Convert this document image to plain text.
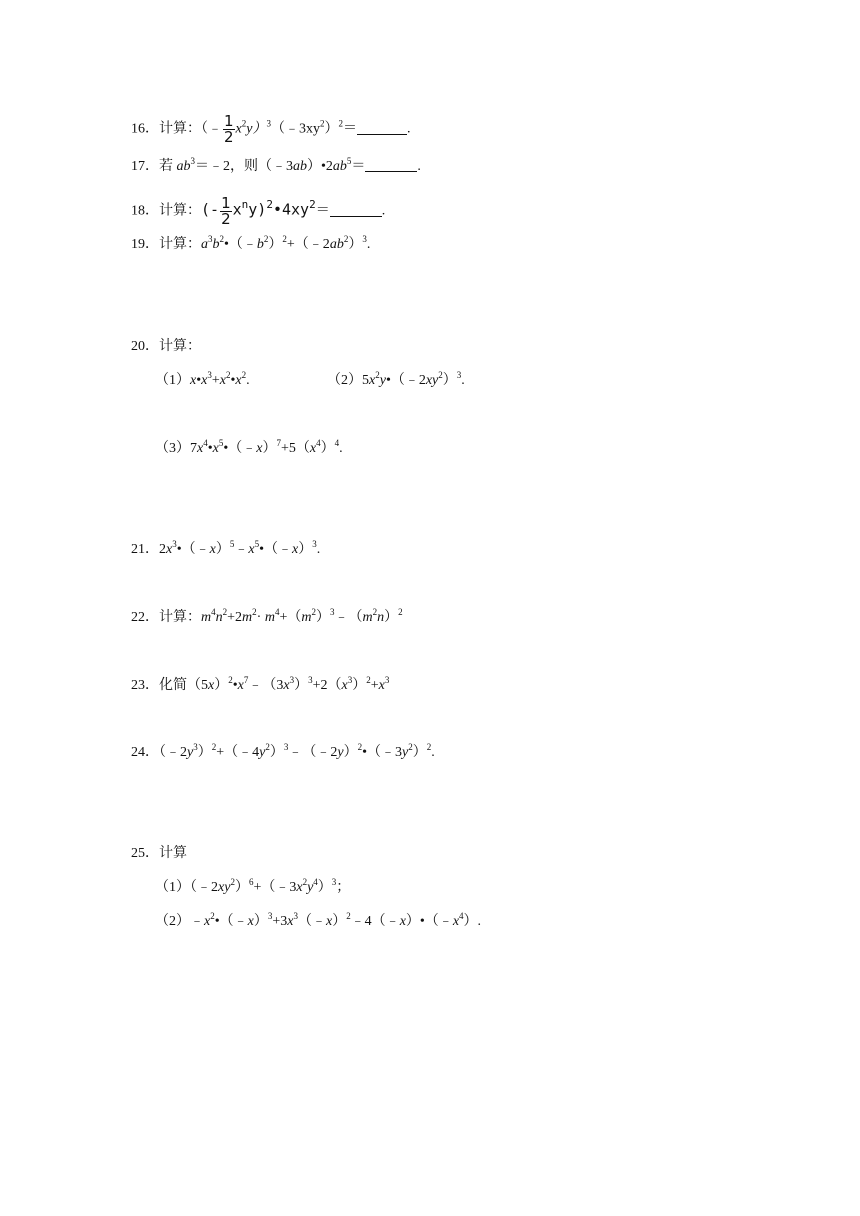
16．计算：（﹣ $\frac{1}{2}$ $x^2y)^3(﹣3xy^2)^2=$	.
17．若 $ab^3=﹣2$，则$(﹣3ab)•2ab^5=$	.
18．计算：(- $\frac{1}{2}$ $x^ny)^2•4xy^2=$	.
19．计算：$a^3b^2•(﹣b^2)^2+(﹣2ab^2)^3$.
20．计算：
$(1)x•x^3+x^2•x^2$.	$(2)5x^2y•(﹣2xy^2)^3$.
$(3)7x^4•x^5•(﹣x)^7+5(x^4)^4$.
21．$2x^3•(﹣x)^5﹣x^5•(﹣x)^3$.
22．计算：$m^4n^2+2m^2\cdot$ $m^4+(m^2)^3﹣(m^2n)^2$
23．化简$(5x)^2•x^7﹣(3x^3)^3+2(x^3)^2+x^3$
24．$(﹣2y^3)^2+(﹣4y^2)^3﹣(﹣2y)^2•(﹣3y^2)^2$.
25．计算
$(1)(﹣2xy^2)^6+(﹣3x^2y^4)^3$；
$(2)﹣x^2•(﹣x)^3+3x^3(﹣x)^2﹣4(﹣x)•(﹣x^4)$.
